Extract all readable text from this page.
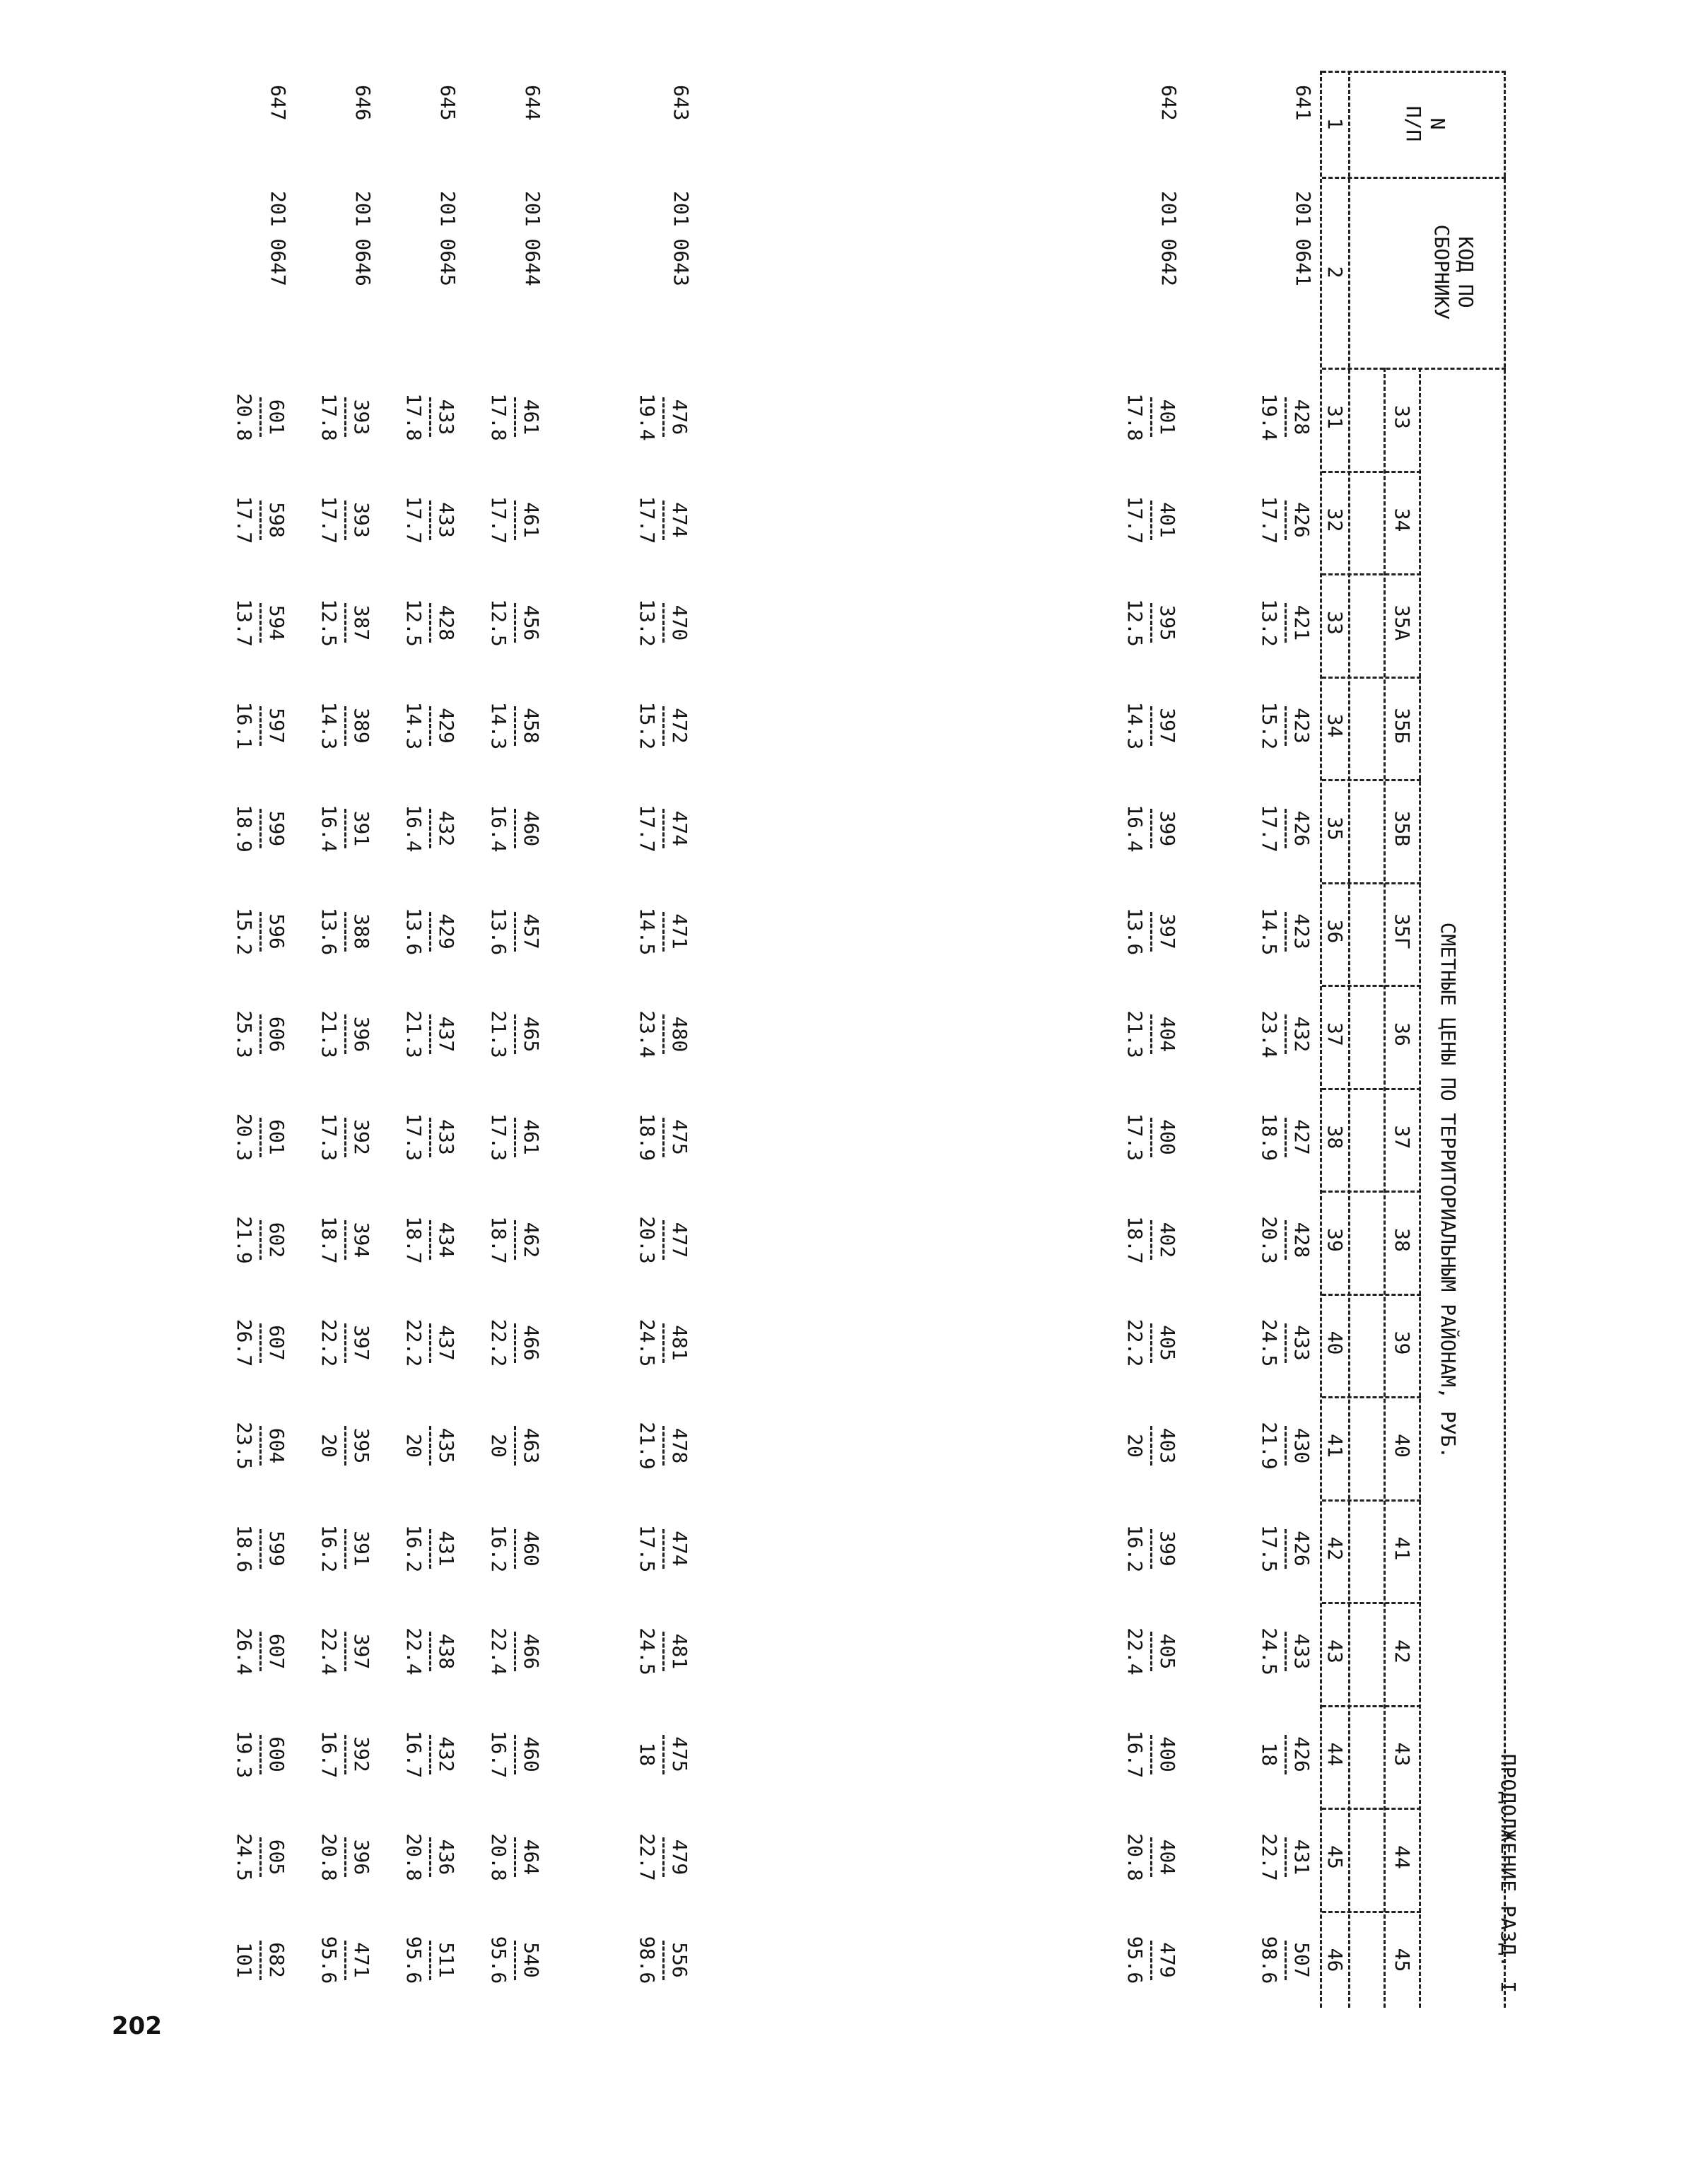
202
ПРОДОЛЖЕНИЕ РАЗД. I
N
П/П
КОД ПО
СБОРНИКУ
СМЕТНЫЕ ЦЕНЫ ПО ТЕРРИТОРИАЛЬНЫМ РАЙОНАМ, РУБ.
33
34
35А
35Б
35В
35Г
36
37
38
39
40
41
42
43
44
45
1
2
31
32
33
34
35
36
37
38
39
40
41
42
43
44
45
46
641
201 0641
428
19.4
426
17.7
421
13.2
423
15.2
426
17.7
423
14.5
432
23.4
427
18.9
428
20.3
433
24.5
430
21.9
426
17.5
433
24.5
426
18
431
22.7
507
98.6
642
201 0642
401
17.8
401
17.7
395
12.5
397
14.3
399
16.4
397
13.6
404
21.3
400
17.3
402
18.7
405
22.2
403
20
399
16.2
405
22.4
400
16.7
404
20.8
479
95.6
643
201 0643
476
19.4
474
17.7
470
13.2
472
15.2
474
17.7
471
14.5
480
23.4
475
18.9
477
20.3
481
24.5
478
21.9
474
17.5
481
24.5
475
18
479
22.7
556
98.6
644
201 0644
461
17.8
461
17.7
456
12.5
458
14.3
460
16.4
457
13.6
465
21.3
461
17.3
462
18.7
466
22.2
463
20
460
16.2
466
22.4
460
16.7
464
20.8
540
95.6
645
201 0645
433
17.8
433
17.7
428
12.5
429
14.3
432
16.4
429
13.6
437
21.3
433
17.3
434
18.7
437
22.2
435
20
431
16.2
438
22.4
432
16.7
436
20.8
511
95.6
646
201 0646
393
17.8
393
17.7
387
12.5
389
14.3
391
16.4
388
13.6
396
21.3
392
17.3
394
18.7
397
22.2
395
20
391
16.2
397
22.4
392
16.7
396
20.8
471
95.6
647
201 0647
601
20.8
598
17.7
594
13.7
597
16.1
599
18.9
596
15.2
606
25.3
601
20.3
602
21.9
607
26.7
604
23.5
599
18.6
607
26.4
600
19.3
605
24.5
682
101
